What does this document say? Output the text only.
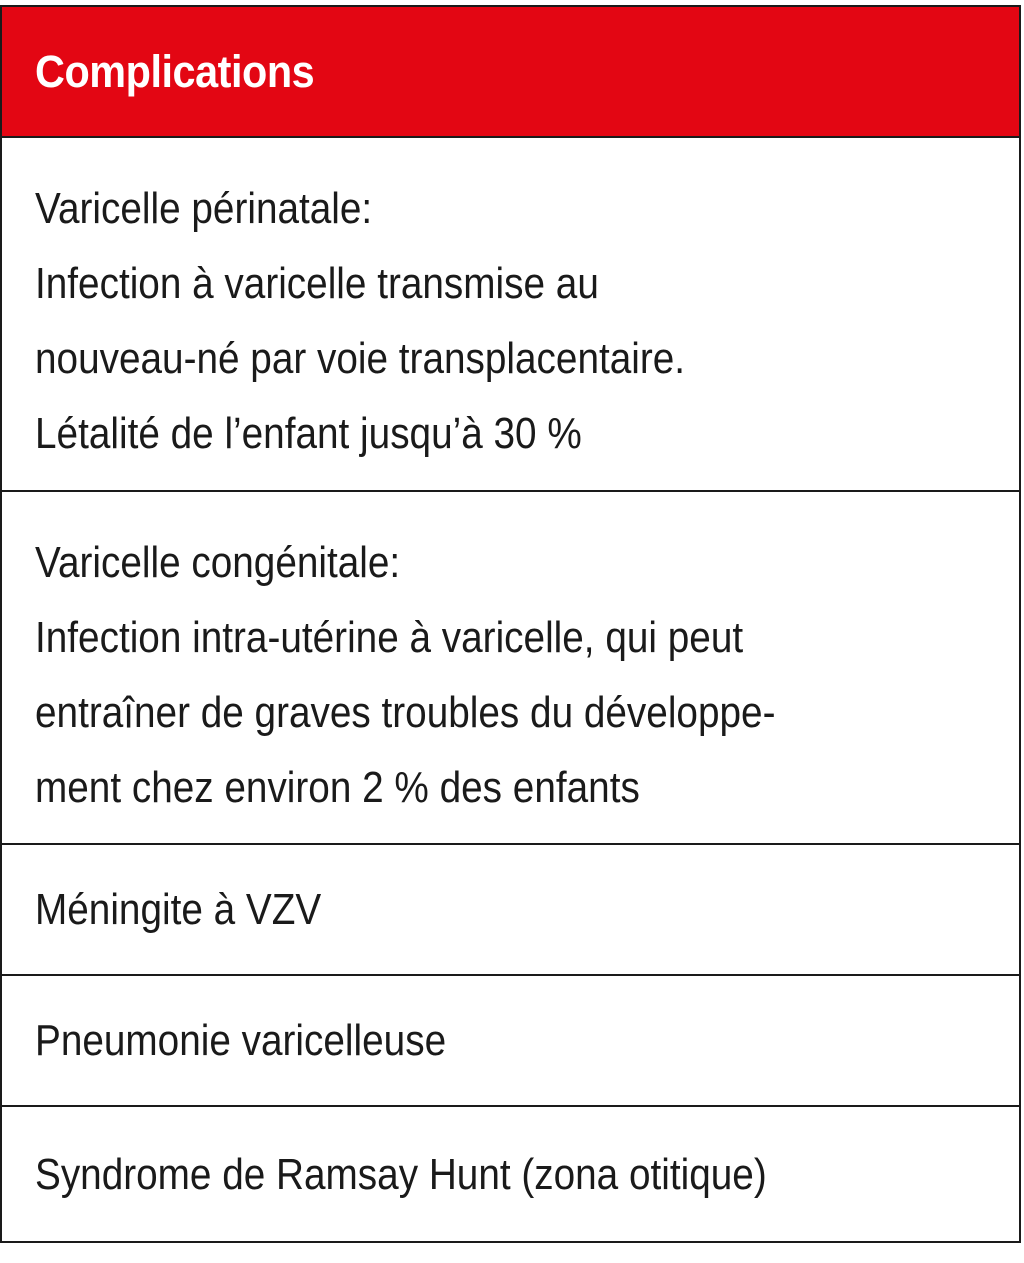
Complications
Varicelle périnatale:
Infection à varicelle transmise au
nouveau-né par voie transplacentaire.
Létalité de l’enfant jusqu’à 30 %
Varicelle congénitale:
Infection intra-utérine à varicelle, qui peut
entraîner de graves troubles du développe-
ment chez environ 2 % des enfants
Méningite à VZV
Pneumonie varicelleuse
Syndrome de Ramsay Hunt (zona otitique)
